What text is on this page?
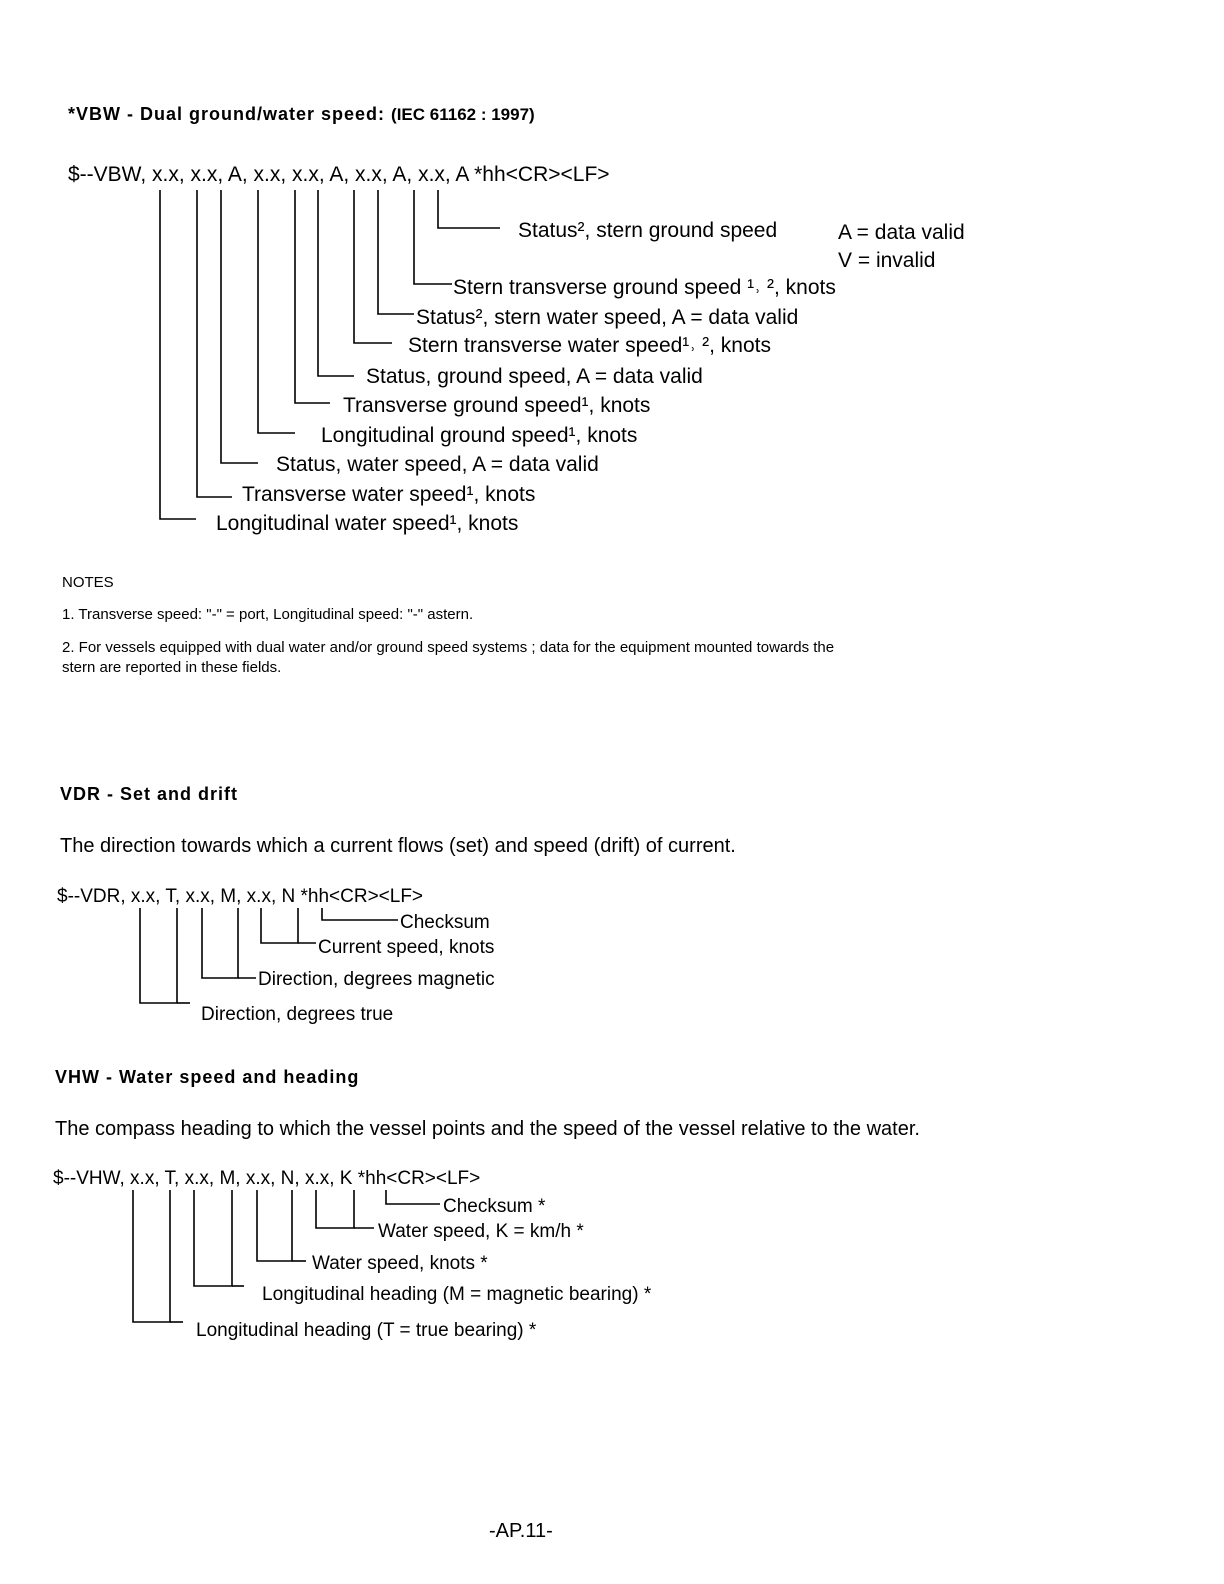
*VBW - Dual ground/water speed: (IEC 61162 : 1997)
$--VBW, x.x, x.x, A, x.x, x.x, A, x.x, A, x.x, A *hh<CR><LF>
Status², stern ground speed	A = data valid
V = invalid
Stern transverse ground speed ¹˒ ², knots
Status², stern water speed, A = data valid
Stern transverse water speed¹˒ ², knots
Status, ground speed, A = data valid
Transverse ground speed¹, knots
Longitudinal ground speed¹, knots
Status, water speed, A = data valid
Transverse water speed¹, knots
Longitudinal water speed¹, knots
NOTES
1. Transverse speed: "-" = port, Longitudinal speed: "-" astern.
2. For vessels equipped with dual water and/or ground speed systems ; data for the equipment mounted towards the
stern are reported in these fields.
VDR - Set and drift
The direction towards which a current flows (set) and speed (drift) of current.
$--VDR, x.x, T, x.x, M, x.x, N *hh<CR><LF>
Checksum
Current speed, knots
Direction, degrees magnetic
Direction, degrees true
VHW - Water speed and heading
The compass heading to which the vessel points and the speed of the vessel relative to the water.
$--VHW, x.x, T, x.x, M, x.x, N, x.x, K *hh<CR><LF>
Checksum *
Water speed, K = km/h *
Water speed, knots *
Longitudinal heading (M = magnetic bearing) *
Longitudinal heading (T = true bearing) *
-AP.11-
